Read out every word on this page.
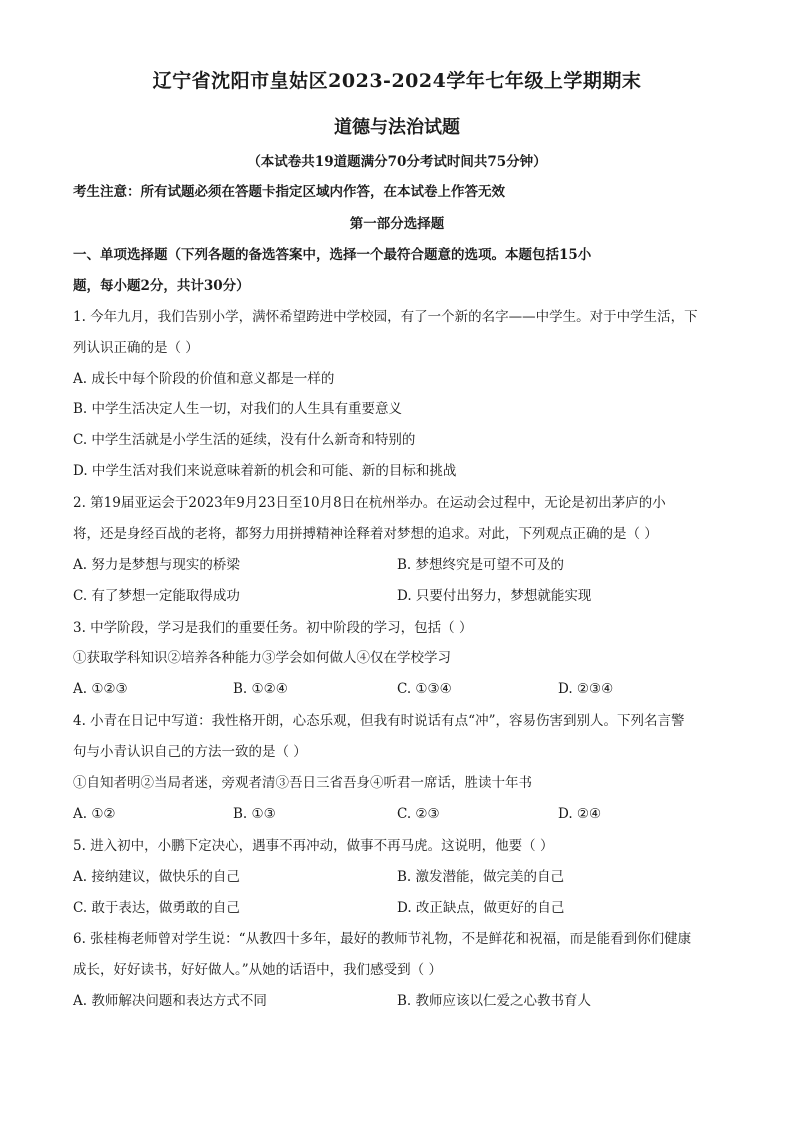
辽宁省沈阳市皇姑区2023-2024学年七年级上学期期末
道德与法治试题
（本试卷共19道题满分70分考试时间共75分钟）
考生注意：所有试题必须在答题卡指定区域内作答，在本试卷上作答无效
第一部分选择题
一、单项选择题（下列各题的备选答案中，选择一个最符合题意的选项。本题包括15小
题，每小题2分，共计30分）
1. 今年九月，我们告别小学，满怀希望跨进中学校园，有了一个新的名字——中学生。对于中学生活，下
列认识正确的是（ ）
A. 成长中每个阶段的价值和意义都是一样的
B. 中学生活决定人生一切，对我们的人生具有重要意义
C. 中学生活就是小学生活的延续，没有什么新奇和特别的
D. 中学生活对我们来说意味着新的机会和可能、新的目标和挑战
2. 第19届亚运会于2023年9月23日至10月8日在杭州举办。在运动会过程中，无论是初出茅庐的小
将，还是身经百战的老将，都努力用拼搏精神诠释着对梦想的追求。对此，下列观点正确的是（ ）
A. 努力是梦想与现实的桥梁	B. 梦想终究是可望不可及的
C. 有了梦想一定能取得成功	D. 只要付出努力，梦想就能实现
3. 中学阶段，学习是我们的重要任务。初中阶段的学习，包括（ ）
①获取学科知识②培养各种能力③学会如何做人④仅在学校学习
A. ①②③	B. ①②④	C. ①③④	D. ②③④
4. 小青在日记中写道：我性格开朗，心态乐观，但我有时说话有点“冲”，容易伤害到别人。下列名言警
句与小青认识自己的方法一致的是（ ）
①自知者明②当局者迷，旁观者清③吾日三省吾身④听君一席话，胜读十年书
A. ①②	B. ①③	C. ②③	D. ②④
5. 进入初中，小鹏下定决心，遇事不再冲动，做事不再马虎。这说明，他要（ ）
A. 接纳建议，做快乐的自己	B. 激发潜能，做完美的自己
C. 敢于表达，做勇敢的自己	D. 改正缺点，做更好的自己
6. 张桂梅老师曾对学生说：“从教四十多年，最好的教师节礼物，不是鲜花和祝福，而是能看到你们健康
成长，好好读书，好好做人。”从她的话语中，我们感受到（ ）
A. 教师解决问题和表达方式不同	B. 教师应该以仁爱之心教书育人
